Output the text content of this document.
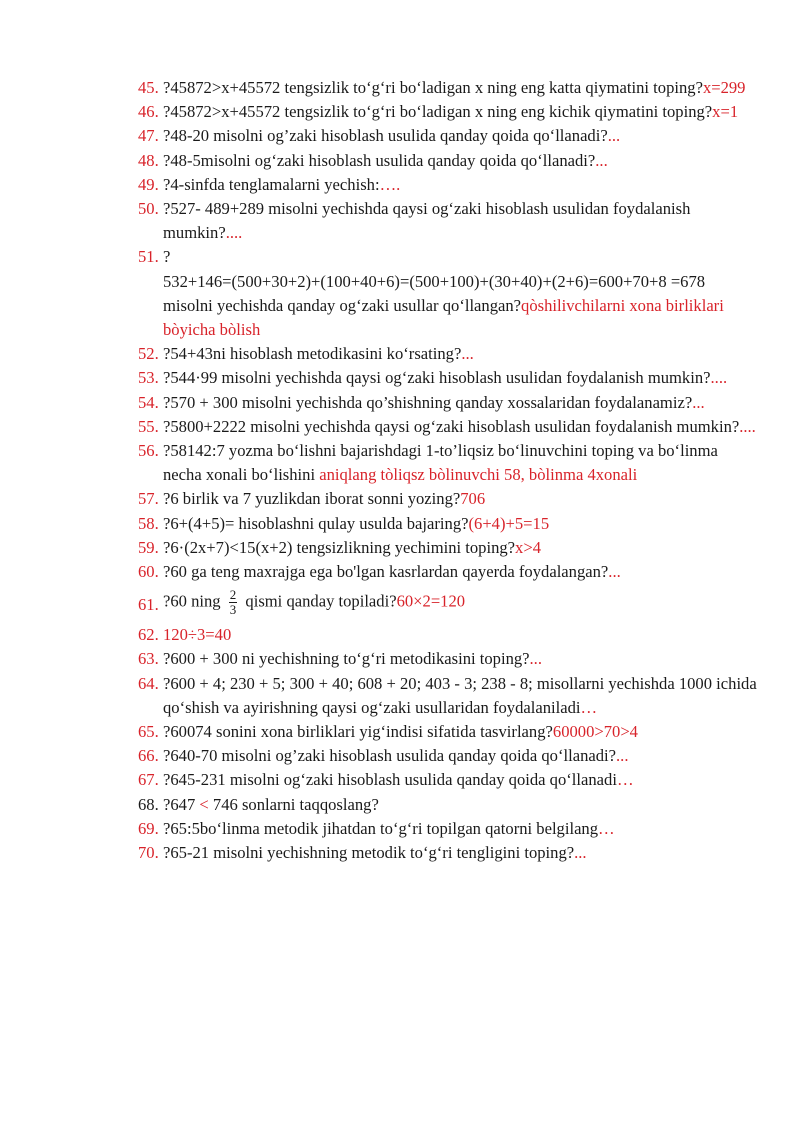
45. ?45872>x+45572 tengsizlik to‘g‘ri bo‘ladigan x ning eng katta qiymatini toping?x=299
46. ?45872>x+45572 tengsizlik to‘g‘ri bo‘ladigan x ning eng kichik qiymatini toping?x=1
47. ?48-20 misolni og’zaki hisoblash usulida qanday qoida qo‘llanadi?...
48. ?48-5misolni og‘zaki hisoblash usulida qanday qoida qo‘llanadi?...
49. ?4-sinfda tenglamalarni yechish:….
50. ?527- 489+289 misolni yechishda qaysi og‘zaki hisoblash usulidan foydalanish mumkin?....
51. ?
532+146=(500+30+2)+(100+40+6)=(500+100)+(30+40)+(2+6)=600+70+8 =678 misolni yechishda qanday og‘zaki usullar qo‘llangan?qòshilivchilarni xona birliklari bòyicha bòlish
52. ?54+43ni hisoblash metodikasini ko‘rsating?...
53. ?544·99 misolni yechishda qaysi og‘zaki hisoblash usulidan foydalanish mumkin?....
54. ?570 + 300 misolni yechishda qo’shishning qanday xossalaridan foydalanamiz?...
55. ?5800+2222 misolni yechishda qaysi og‘zaki hisoblash usulidan foydalanish mumkin?....
56. ?58142:7 yozma bo‘lishni bajarishdagi 1-to’liqsiz bo‘linuvchini toping va bo‘linma necha xonali bo‘lishini aniqlang tòliqsz bòlinuvchi 58, bòlinma 4xonali
57. ?6 birlik va 7 yuzlikdan iborat sonni yozing?706
58. ?6+(4+5)= hisoblashni qulay usulda bajaring?(6+4)+5=15
59. ?6·(2x+7)<15(x+2) tengsizlikning yechimini toping?x>4
60. ?60 ga teng maxrajga ega bo'lgan kasrlardan qayerda foydalangan?...
61. ?60 ning $\frac{2}{3}$ qismi qanday topiladi?60×2=120
62. 120÷3=40
63. ?600 + 300 ni yechishning to‘g‘ri metodikasini toping?...
64. ?600 + 4; 230 + 5; 300 + 40; 608 + 20; 403 - 3; 238 - 8; misollarni yechishda 1000 ichida qo‘shish va ayirishning qaysi og‘zaki usullaridan foydalaniladi…
65. ?60074 sonini xona birliklari yig‘indisi sifatida tasvirlang?60000>70>4
66. ?640-70 misolni og’zaki hisoblash usulida qanday qoida qo‘llanadi?...
67. ?645-231 misolni og‘zaki hisoblash usulida qanday qoida qo‘llanadi…
68. ?647 < 746 sonlarni taqqoslang?
69. ?65:5bo‘linma metodik jihatdan to‘g‘ri topilgan qatorni belgilang…
70. ?65-21 misolni yechishning metodik to‘g‘ri tengligini toping?...
